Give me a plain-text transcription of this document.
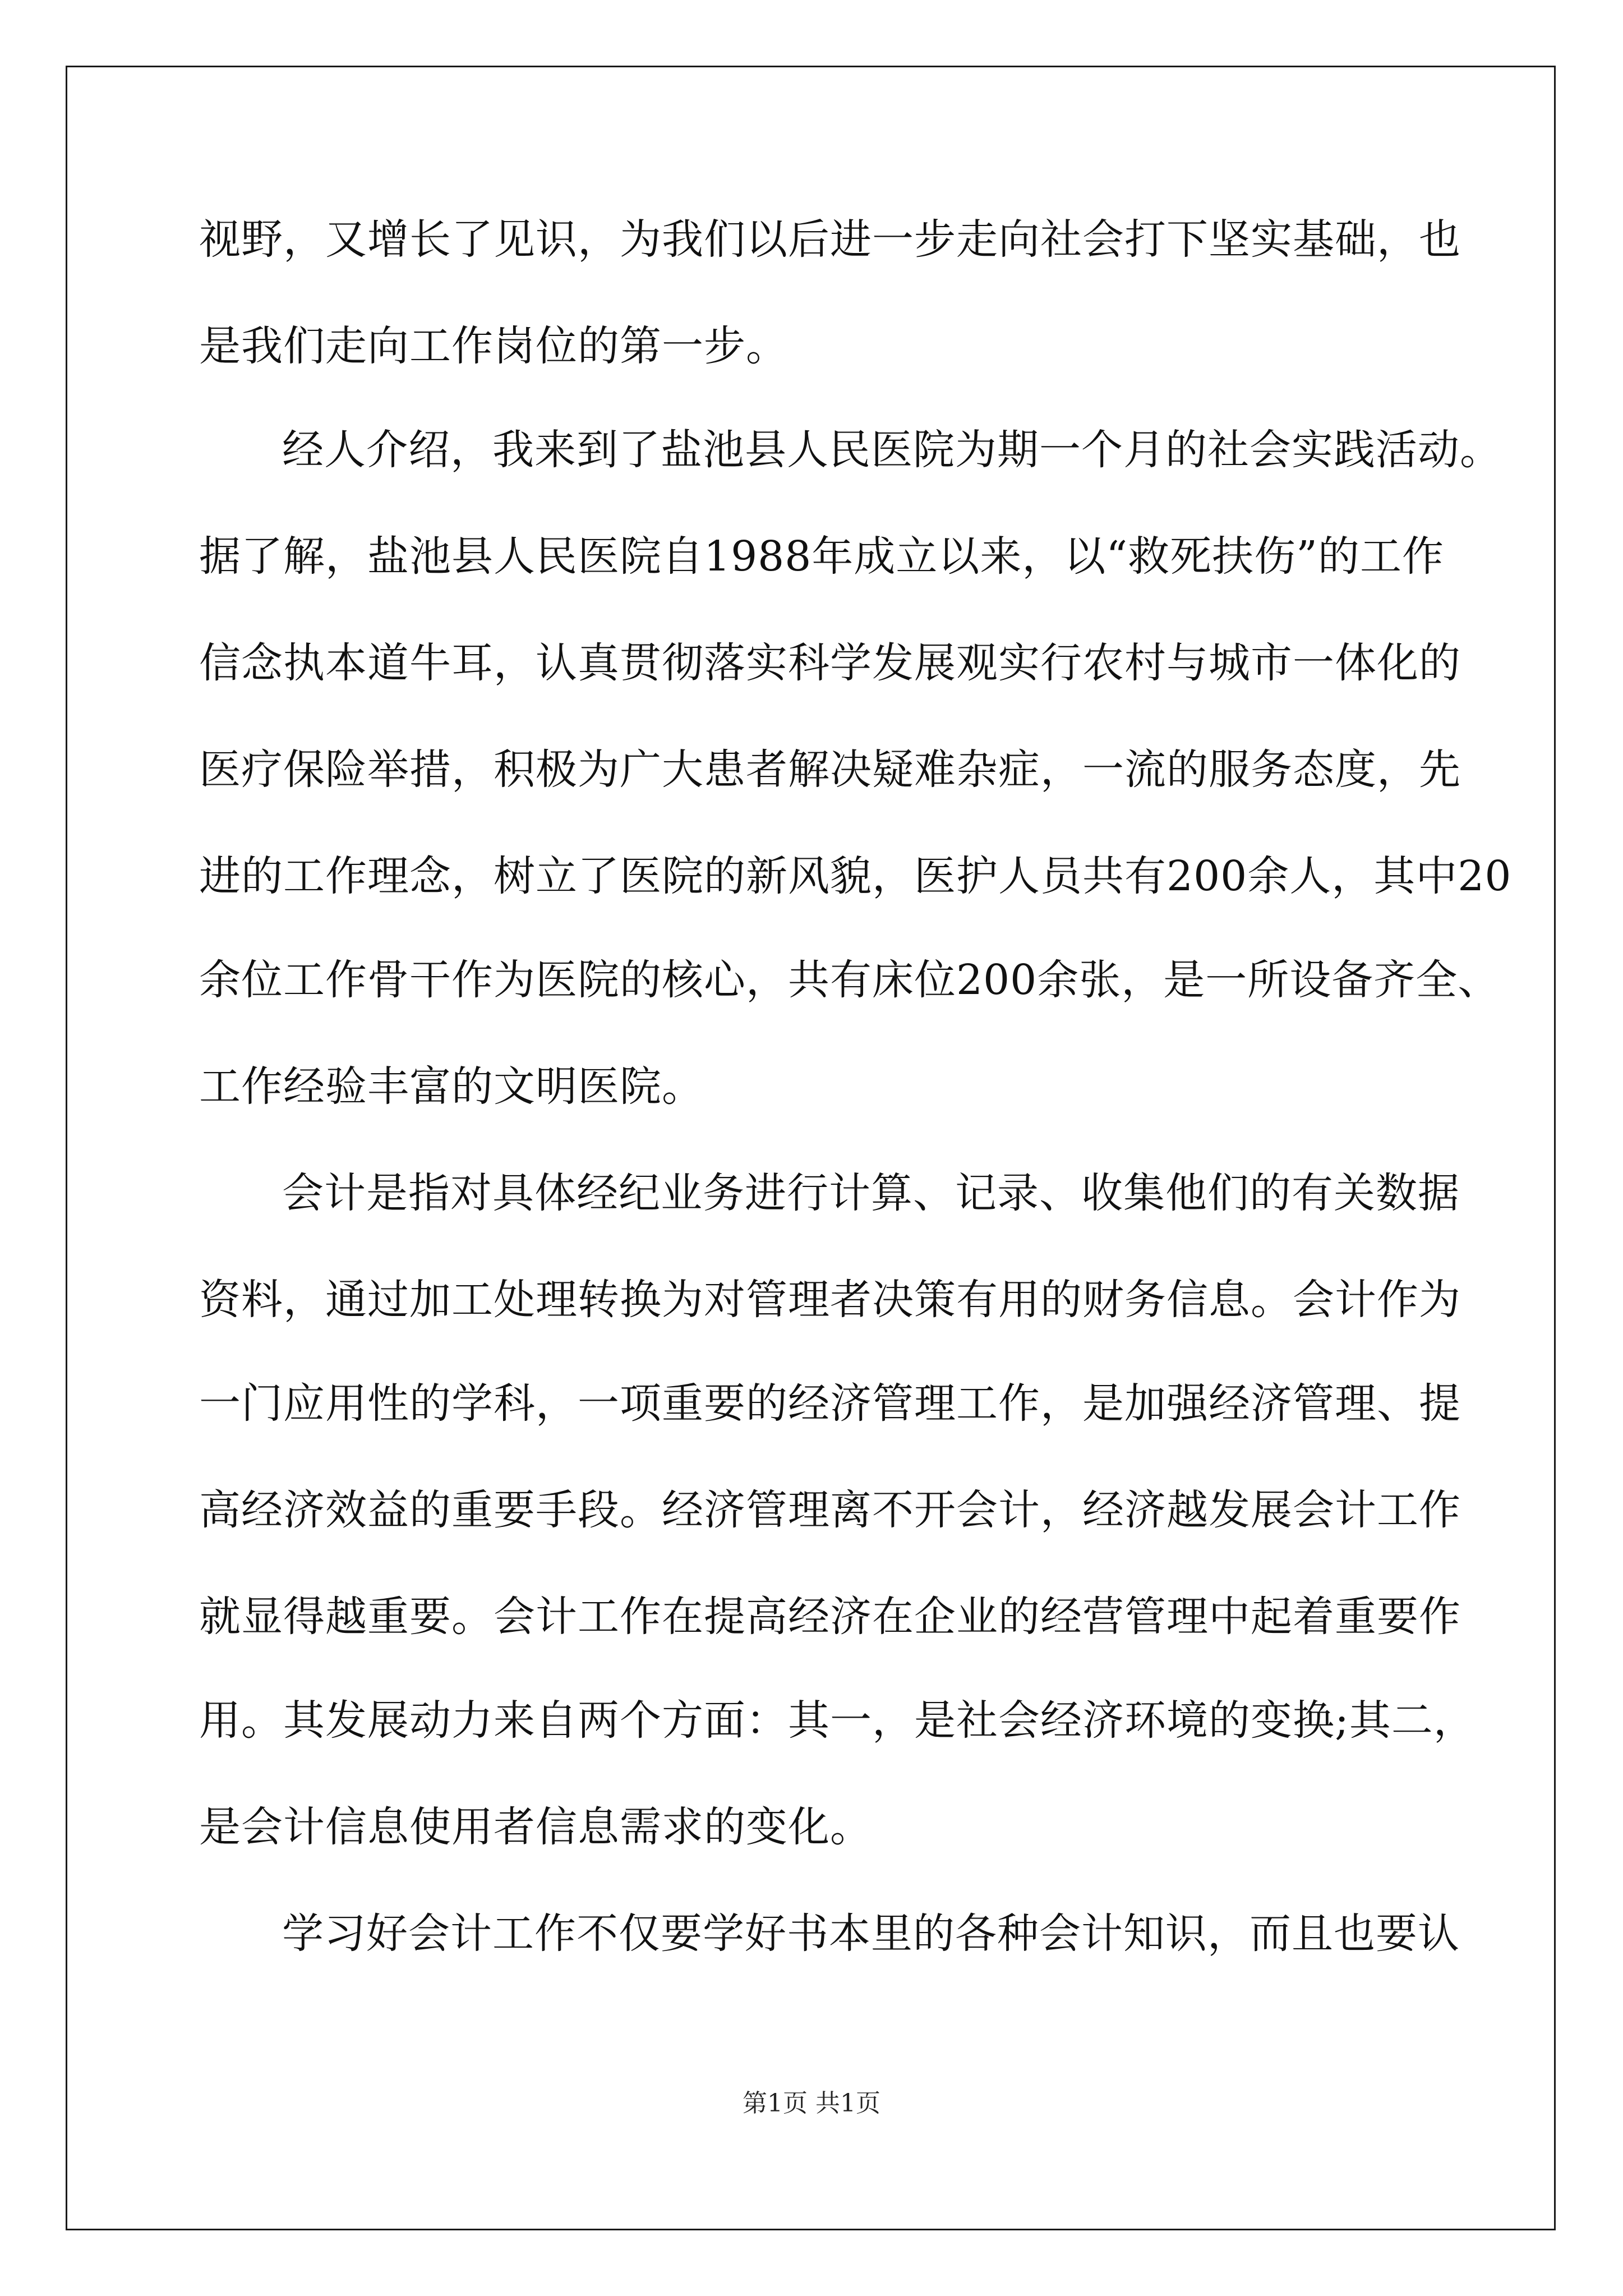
视野，又增长了见识，为我们以后进一步走向社会打下坚实基础，也
是我们走向工作岗位的第一步。
经人介绍，我来到了盐池县人民医院为期一个月的社会实践活动。
据了解，盐池县人民医院自1988年成立以来，以“救死扶伤”的工作
信念执本道牛耳，认真贯彻落实科学发展观实行农村与城市一体化的
医疗保险举措，积极为广大患者解决疑难杂症，一流的服务态度，先
进的工作理念，树立了医院的新风貌，医护人员共有200余人，其中20
余位工作骨干作为医院的核心，共有床位200余张，是一所设备齐全、
工作经验丰富的文明医院。
会计是指对具体经纪业务进行计算、记录、收集他们的有关数据
资料，通过加工处理转换为对管理者决策有用的财务信息。会计作为
一门应用性的学科，一项重要的经济管理工作，是加强经济管理、提
高经济效益的重要手段。经济管理离不开会计，经济越发展会计工作
就显得越重要。会计工作在提高经济在企业的经营管理中起着重要作
用。其发展动力来自两个方面：其一，是社会经济环境的变换;其二，
是会计信息使用者信息需求的变化。
学习好会计工作不仅要学好书本里的各种会计知识，而且也要认
第1页 共1页
